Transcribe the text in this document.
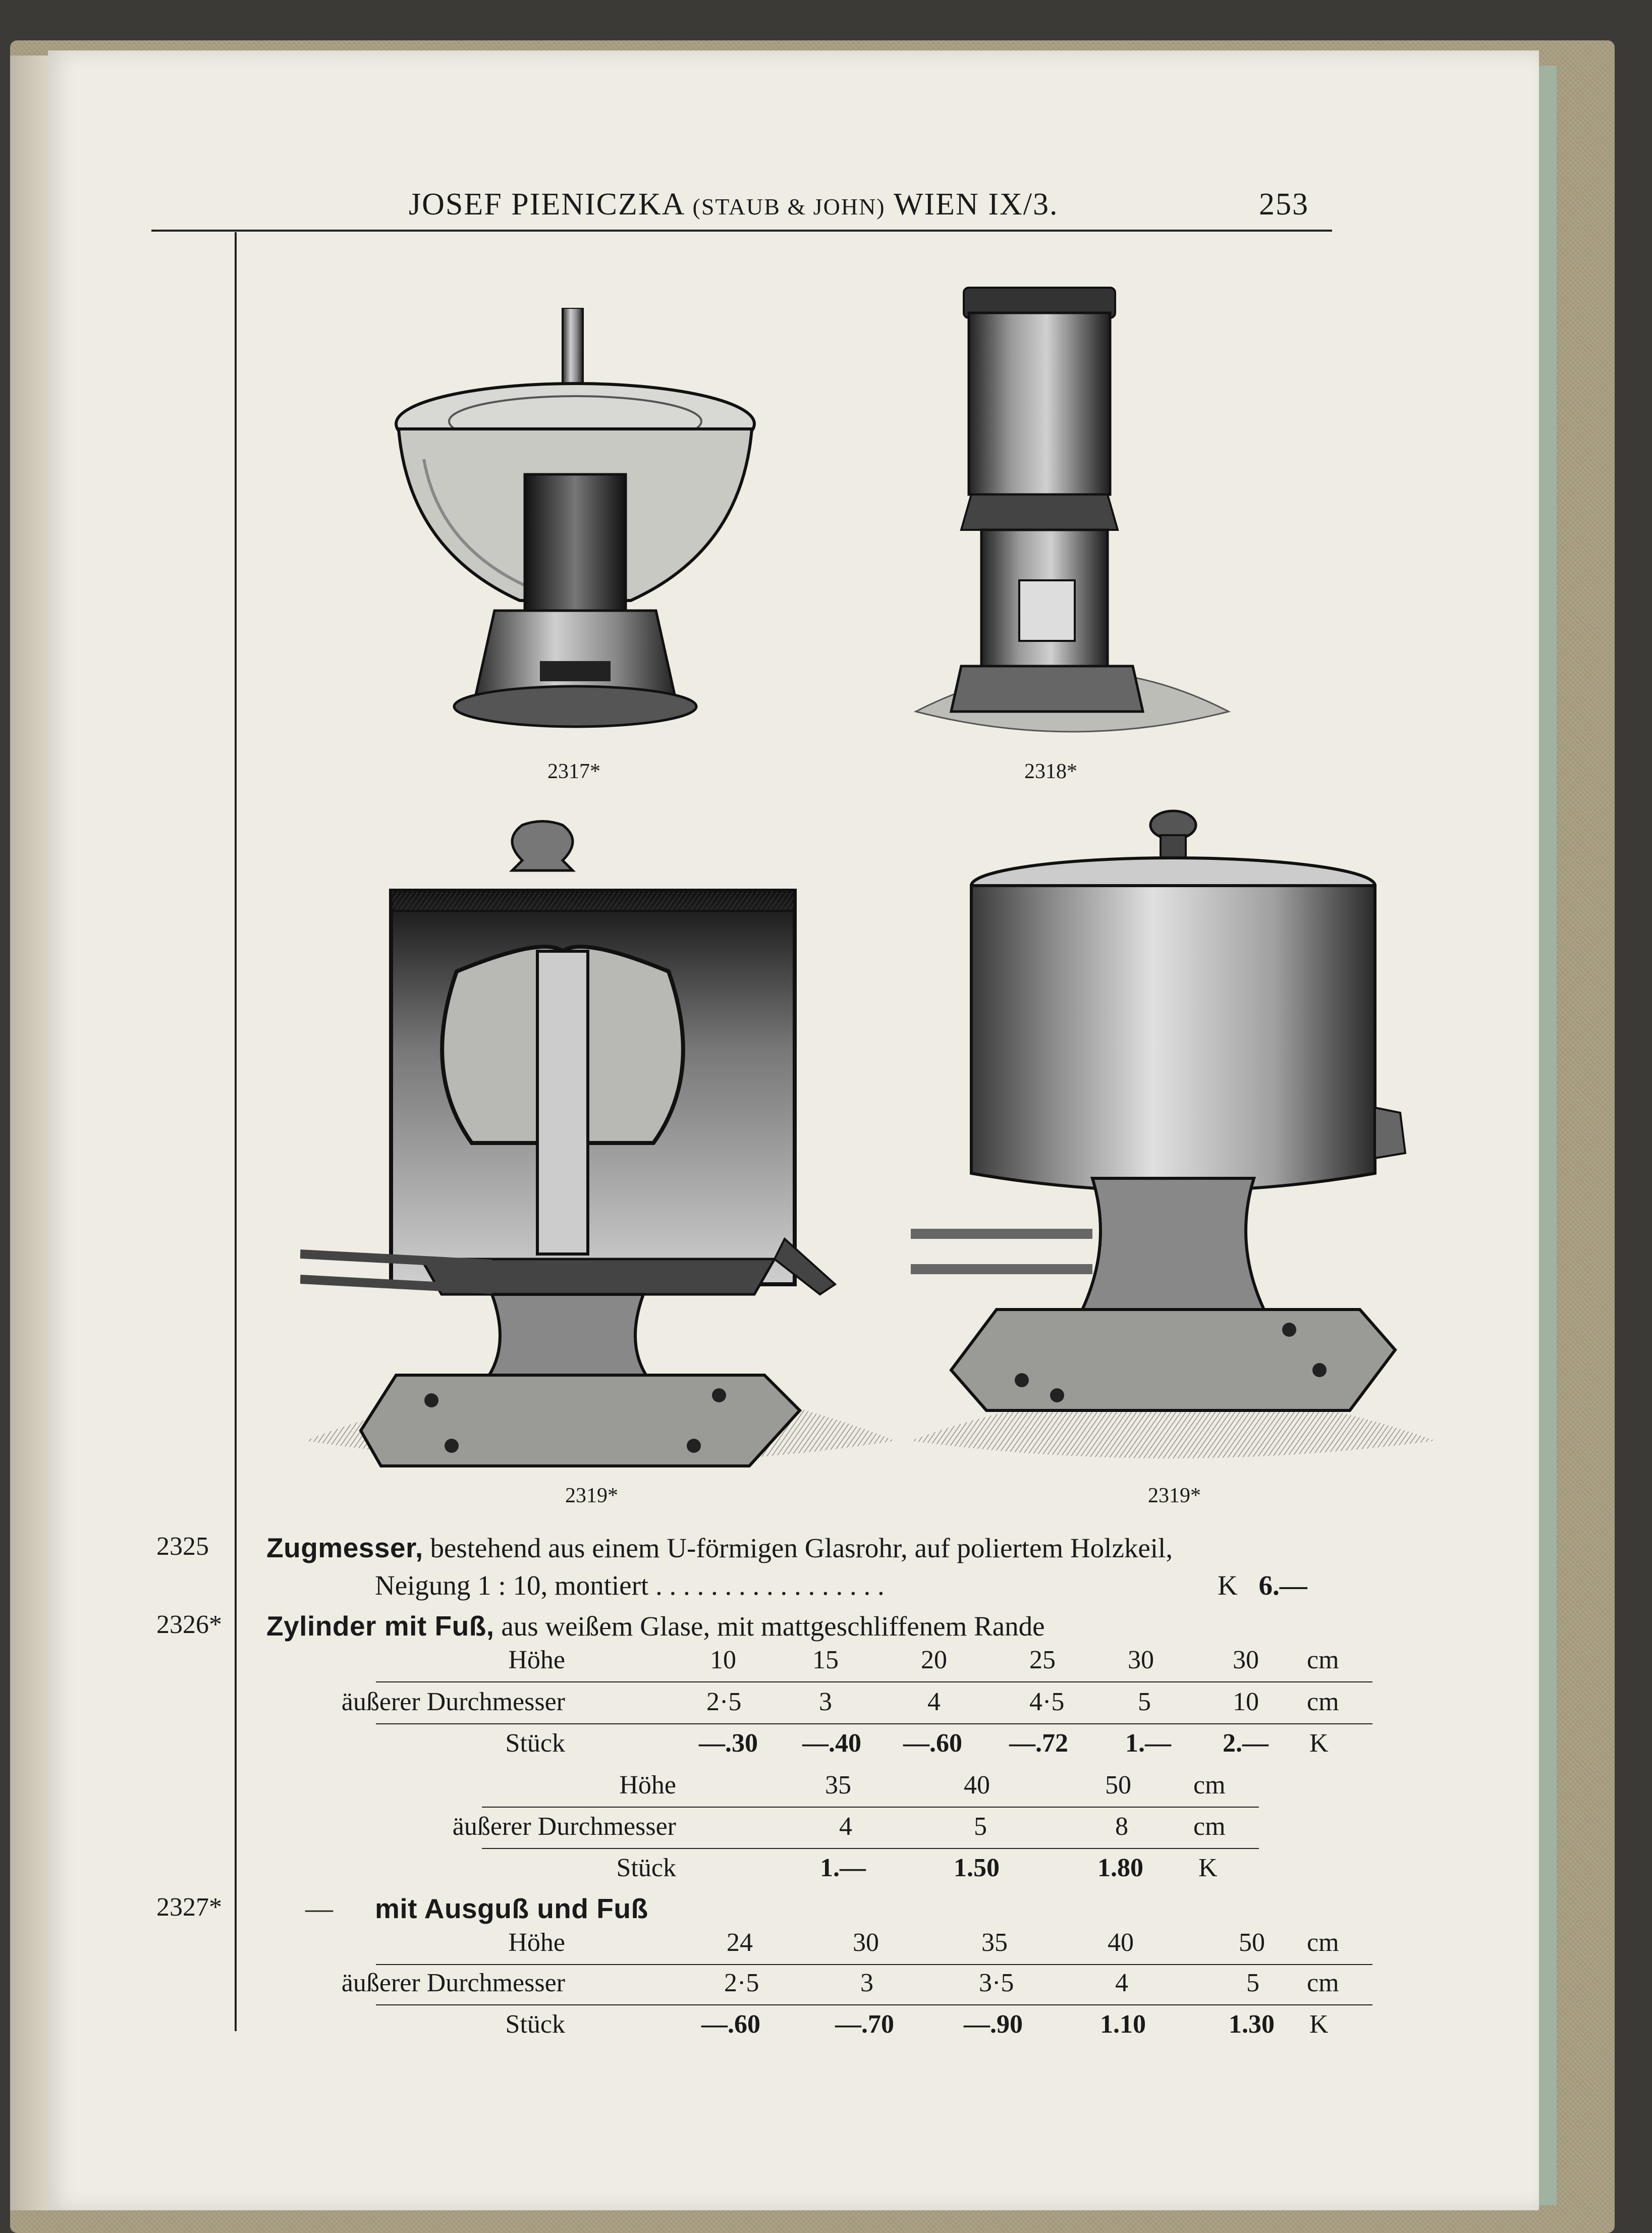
JOSEF PIENICZKA (STAUB & JOHN) WIEN IX/3.	253
2317*	2318*
2319*	2319*
2325 Zugmesser, bestehend aus einem U-förmigen Glasrohr, auf poliertem Holzkeil,
Neigung 1 : 10, montiert . . . . . . . . . . . . . . . . .	K 6.—
2326* Zylinder mit Fuß, aus weißem Glase, mit mattgeschliffenem Rande
Höhe	10	15	20	25	30	30 cm
äußerer Durchmesser	2·5	3	4	4·5	5	10 cm
Stück	—.30 —.40 —.60 —.72 1.— 2.— K
Höhe	35	40	50 cm
äußerer Durchmesser	4	5	8 cm
Stück	1.—	1.50	1.80 K
2327*	— mit Ausguß und Fuß
Höhe	24	30	35	40	50 cm
äußerer Durchmesser	2·5	3	3·5	4	5 cm
Stück	—.60	—.70	—.90	1.10	1.30 K
